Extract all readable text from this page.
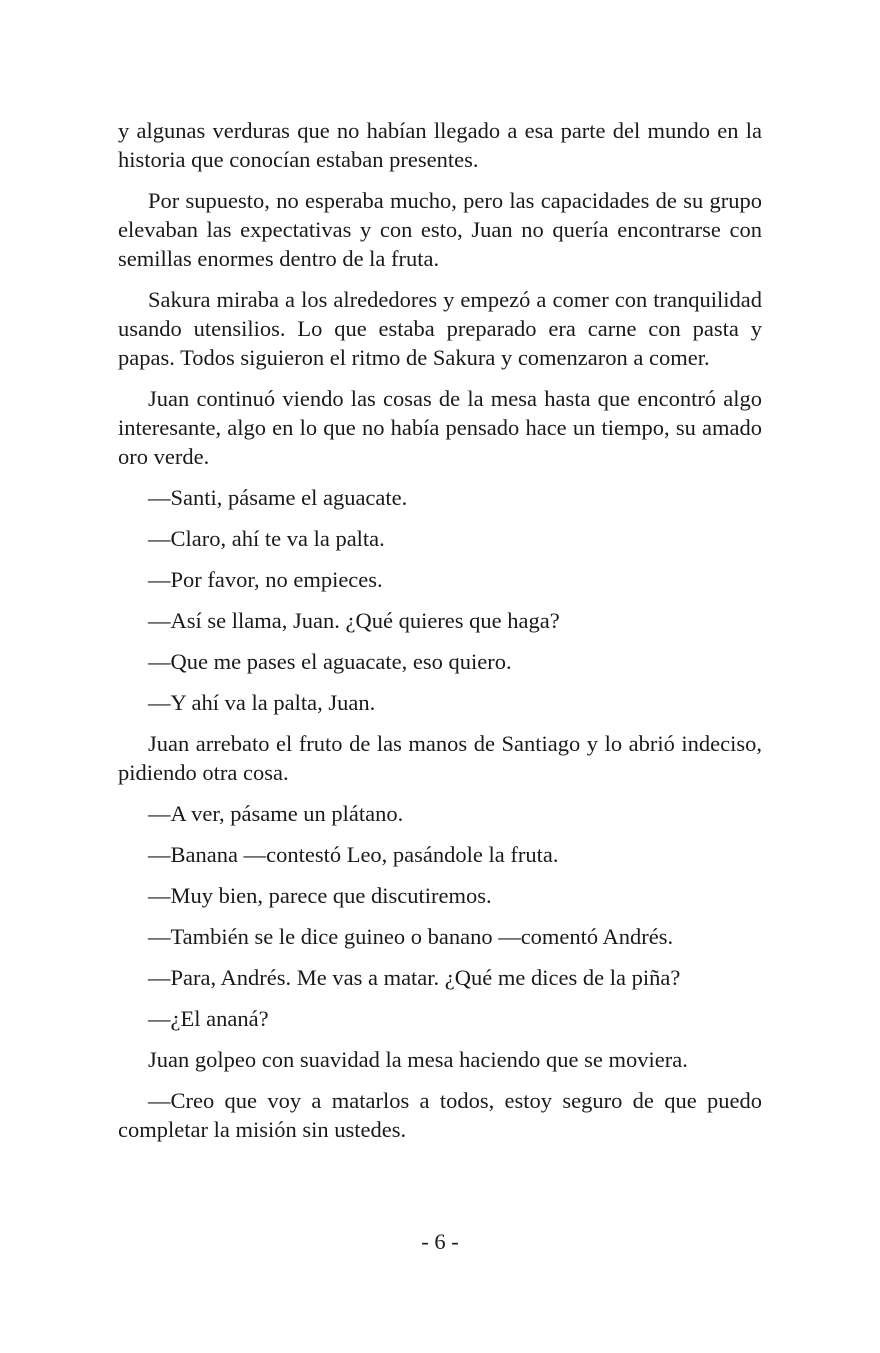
y algunas verduras que no habían llegado a esa parte del mundo en la historia que conocían estaban presentes.

Por supuesto, no esperaba mucho, pero las capacidades de su grupo elevaban las expectativas y con esto, Juan no quería encontrarse con semillas enormes dentro de la fruta.

Sakura miraba a los alrededores y empezó a comer con tranquilidad usando utensilios. Lo que estaba preparado era carne con pasta y papas. Todos siguieron el ritmo de Sakura y comenzaron a comer.

Juan continuó viendo las cosas de la mesa hasta que encontró algo interesante, algo en lo que no había pensado hace un tiempo, su amado oro verde.

—Santi, pásame el aguacate.

—Claro, ahí te va la palta.

—Por favor, no empieces.

—Así se llama, Juan. ¿Qué quieres que haga?

—Que me pases el aguacate, eso quiero.

—Y ahí va la palta, Juan.

Juan arrebato el fruto de las manos de Santiago y lo abrió indeciso, pidiendo otra cosa.

—A ver, pásame un plátano.

—Banana —contestó Leo, pasándole la fruta.

—Muy bien, parece que discutiremos.

—También se le dice guineo o banano —comentó Andrés.

—Para, Andrés. Me vas a matar. ¿Qué me dices de la piña?

—¿El ananá?

Juan golpeo con suavidad la mesa haciendo que se moviera.

—Creo que voy a matarlos a todos, estoy seguro de que puedo completar la misión sin ustedes.

- 6 -
